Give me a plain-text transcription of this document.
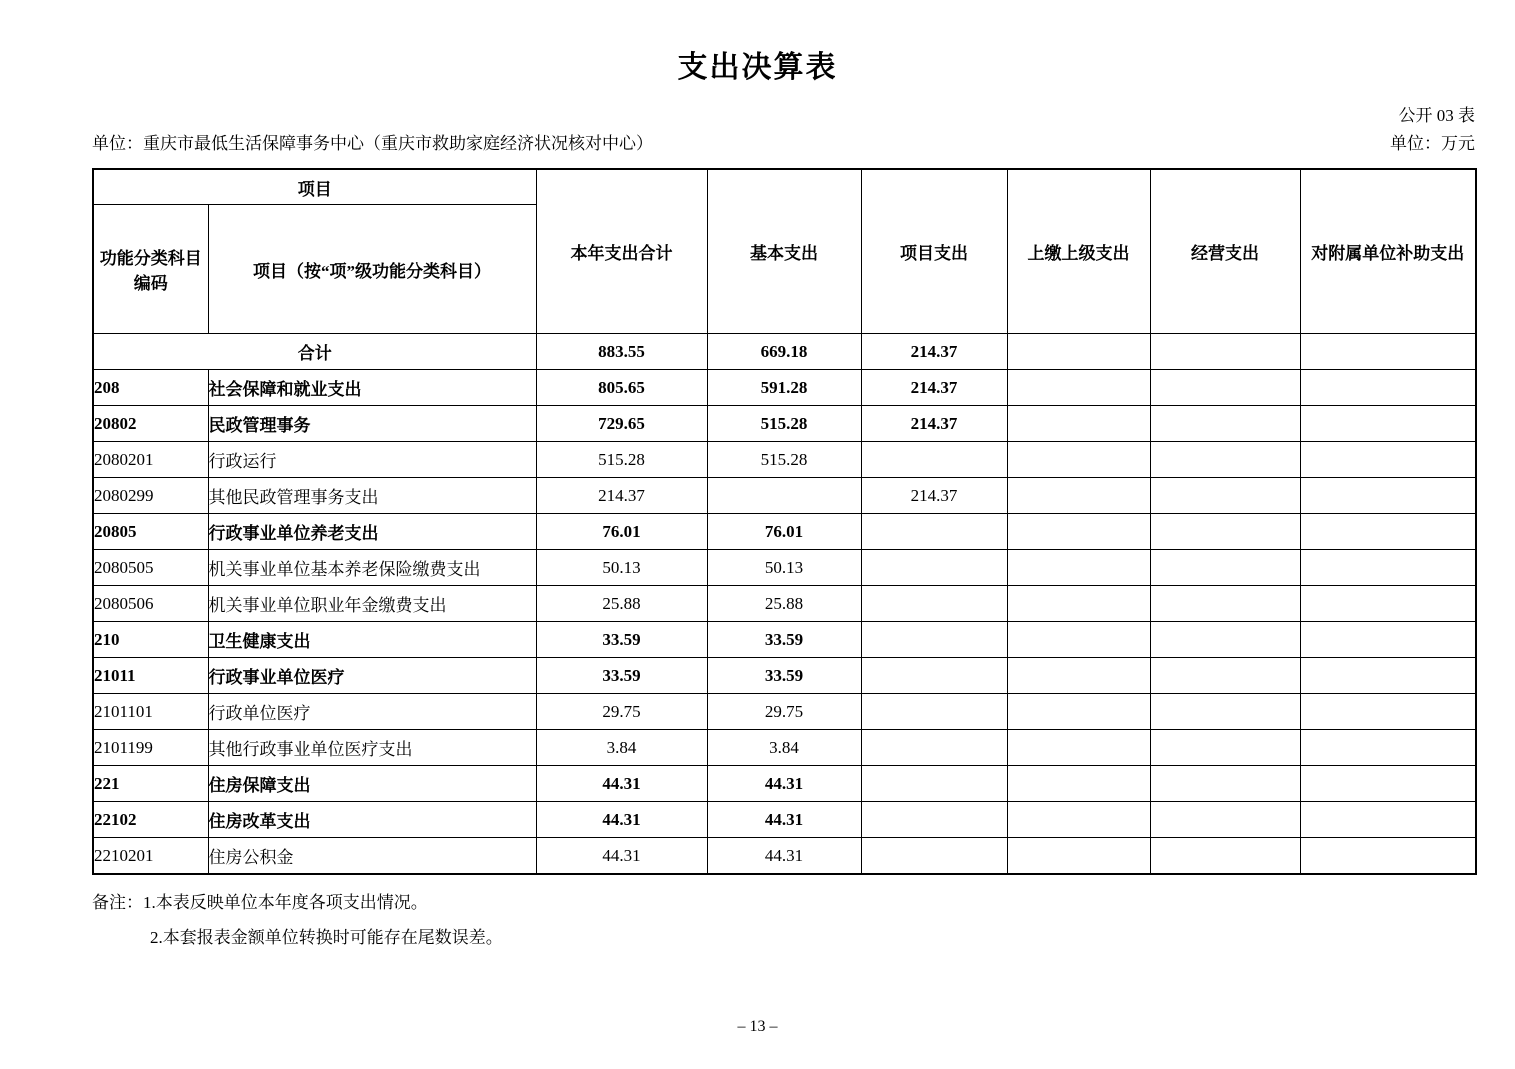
支出决算表
公开 03 表
单位：重庆市最低生活保障事务中心（重庆市救助家庭经济状况核对中心）	单位：万元
项目		本年支出合计	基本支出	项目支出	上缴上级支出	经营支出	对附属单位补助支出
功能分类科目编码	项目（按“项”级功能分类科目）						
合计		883.55	669.18	214.37			
208	社会保障和就业支出	805.65	591.28	214.37			
20802	民政管理事务	729.65	515.28	214.37			
2080201	行政运行	515.28	515.28				
2080299	其他民政管理事务支出	214.37		214.37			
20805	行政事业单位养老支出	76.01	76.01				
2080505	机关事业单位基本养老保险缴费支出	50.13	50.13				
2080506	机关事业单位职业年金缴费支出	25.88	25.88				
210	卫生健康支出	33.59	33.59				
21011	行政事业单位医疗	33.59	33.59				
2101101	行政单位医疗	29.75	29.75				
2101199	其他行政事业单位医疗支出	3.84	3.84				
221	住房保障支出	44.31	44.31				
22102	住房改革支出	44.31	44.31				
2210201	住房公积金	44.31	44.31				
备注：1.本表反映单位本年度各项支出情况。
2.本套报表金额单位转换时可能存在尾数误差。
– 13 –
